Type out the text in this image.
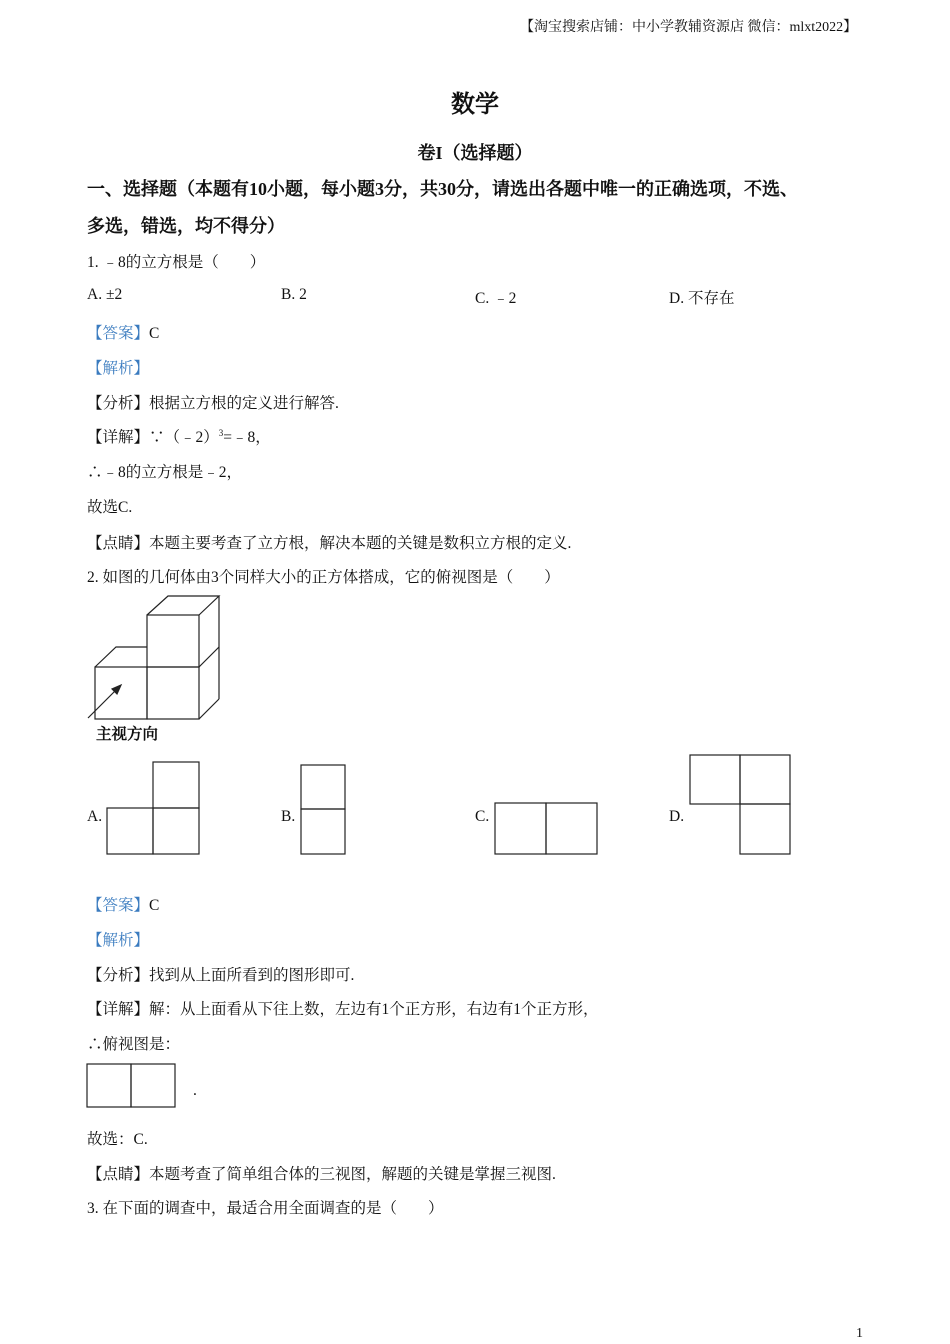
【淘宝搜索店铺：中小学教辅资源店 微信：mlxt2022】
数学
卷I（选择题）
一、选择题（本题有10小题，每小题3分，共30分，请选出各题中唯一的正确选项，不选、
多选，错选，均不得分）
1. ﹣8的立方根是（　　）
A. ±2	B. 2	C. ﹣2	D. 不存在
【答案】C
【解析】
【分析】根据立方根的定义进行解答.
【详解】∵（﹣2）$^3$=﹣8，
∴﹣8的立方根是﹣2，
故选C.
【点睛】本题主要考查了立方根，解决本题的关键是数积立方根的定义.
2. 如图的几何体由3个同样大小的正方体搭成，它的俯视图是（　　）
主视方向
A.	B.	C.	D.
【答案】C
【解析】
【分析】找到从上面所看到的图形即可.
【详解】解：从上面看从下往上数，左边有1个正方形，右边有1个正方形，
∴俯视图是：
.
故选：C.
【点睛】本题考查了简单组合体的三视图，解题的关键是掌握三视图.
3. 在下面的调查中，最适合用全面调查的是（　　）
1
